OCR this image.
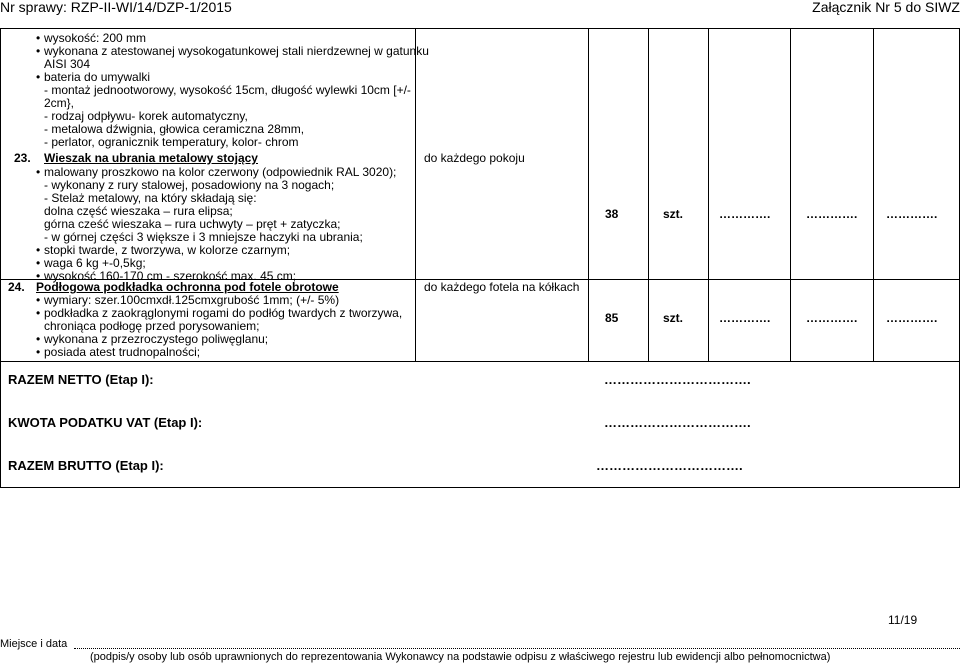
Nr sprawy: RZP-II-WI/14/DZP-1/2015	Załącznik Nr 5 do SIWZ
• wysokość: 200 mm
• wykonana z atestowanej wysokogatunkowej stali nierdzewnej w gatunku
AISI 304
• bateria do umywalki
- montaż jednootworowy, wysokość 15cm, długość wylewki 10cm [+/-
2cm},
- rodzaj odpływu- korek automatyczny,
- metalowa dźwignia, głowica ceramiczna 28mm,
- perlator, ogranicznik temperatury, kolor- chrom
23. Wieszak na ubrania metalowy stojący
• malowany proszkowo na kolor czerwony (odpowiednik RAL 3020);
- wykonany z rury stalowej, posadowiony na 3 nogach;
- Stelaż metalowy, na który składają się:
dolna część wieszaka – rura elipsa;
górna cześć wieszaka – rura uchwyty – pręt + zatyczka;
- w górnej części 3 większe i 3 mniejsze haczyki na ubrania;
• stopki twarde, z tworzywa, w kolorze czarnym;
• waga 6 kg +-0,5kg;
• wysokość 160-170 cm - szerokość max. 45 cm;
do każdego pokoju
38	szt.	………….	…………. ………….
24. Podłogowa podkładka ochronna pod fotele obrotowe
• wymiary: szer.100cmxdł.125cmxgrubość 1mm; (+/- 5%)
• podkładka z zaokrąglonymi rogami do podłóg twardych z tworzywa,
chroniąca podłogę przed porysowaniem;
• wykonana z przezroczystego poliwęglanu;
• posiada atest trudnopalności;
do każdego fotela na kółkach
85	szt.	………….	…………. ………….
RAZEM NETTO (Etap I):	…………………………….
KWOTA PODATKU VAT (Etap I):	…………………………….
RAZEM BRUTTO (Etap I):	…………………………….
11/19
Miejsce i data
(podpis/y osoby lub osób uprawnionych do reprezentowania Wykonawcy na podstawie odpisu z właściwego rejestru lub ewidencji albo pełnomocnictwa)
